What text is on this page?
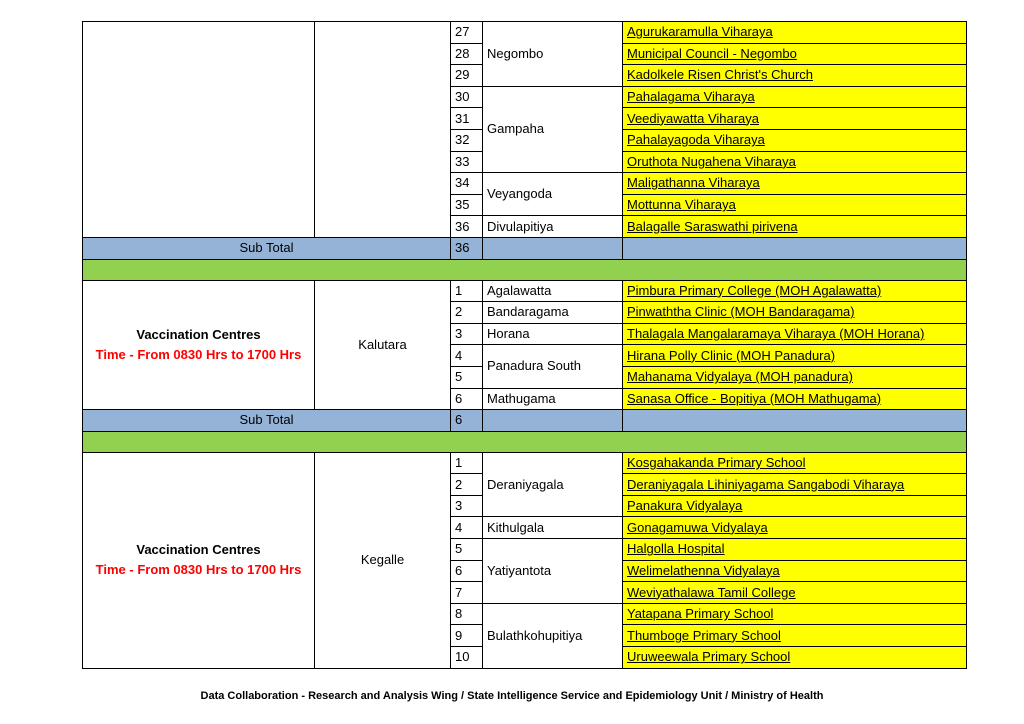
		27	Negombo	Agurukaramulla Viharaya
		28		Municipal Council - Negombo
		29		Kadolkele Risen Christ's Church
		30	Gampaha	Pahalagama Viharaya
		31		Veediyawatta Viharaya
		32		Pahalayagoda Viharaya
		33		Oruthota Nugahena Viharaya
		34	Veyangoda	Maligathanna Viharaya
		35		Mottunna Viharaya
		36	Divulapitiya	Balagalle Saraswathi pirivena
Sub Total		36		

Vaccination Centres
Time - From 0830 Hrs to 1700 Hrs	Kalutara	1	Agalawatta	Pimbura Primary College (MOH Agalawatta)
		2	Bandaragama	Pinwaththa Clinic (MOH Bandaragama)
		3	Horana	Thalagala Mangalaramaya Viharaya (MOH Horana)
		4	Panadura South	Hirana Polly Clinic (MOH Panadura)
		5		Mahanama Vidyalaya (MOH panadura)
		6	Mathugama	Sanasa Office - Bopitiya (MOH Mathugama)
Sub Total		6		

Vaccination Centres
Time - From 0830 Hrs to 1700 Hrs	Kegalle	1	Deraniyagala	Kosgahakanda Primary School
		2		Deraniyagala Lihiniyagama Sangabodi Viharaya
		3		Panakura Vidyalaya
		4	Kithulgala	Gonagamuwa Vidyalaya
		5	Yatiyantota	Halgolla Hospital
		6		Welimelathenna Vidyalaya
		7		Weviyathalawa Tamil College
		8	Bulathkohupitiya	Yatapana Primary School
		9		Thumboge Primary School
		10		Uruweewala Primary School
Data Collaboration - Research and Analysis Wing / State Intelligence Service and Epidemiology Unit / Ministry of Health
